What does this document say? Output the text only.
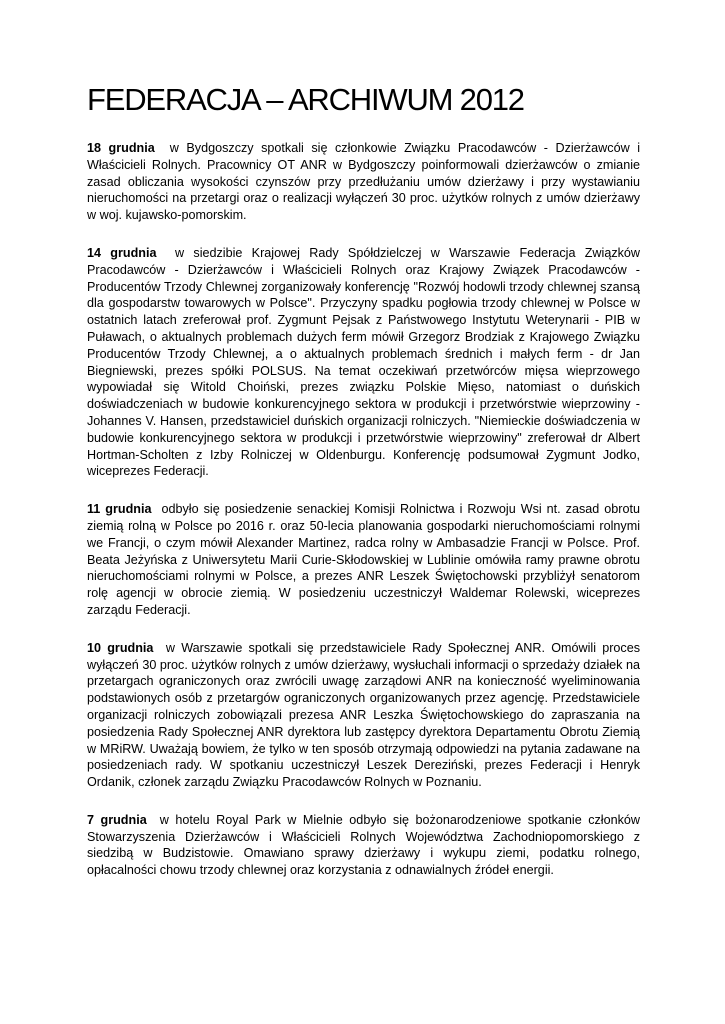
FEDERACJA – ARCHIWUM 2012

18 grudnia w Bydgoszczy spotkali się członkowie Związku Pracodawców - Dzierżawców i Właścicieli Rolnych. Pracownicy OT ANR w Bydgoszczy poinformowali dzierżawców o zmianie zasad obliczania wysokości czynszów przy przedłużaniu umów dzierżawy i przy wystawianiu nieruchomości na przetargi oraz o realizacji wyłączeń 30 proc. użytków rolnych z umów dzierżawy w woj. kujawsko-pomorskim.

14 grudnia w siedzibie Krajowej Rady Spółdzielczej w Warszawie Federacja Związków Pracodawców - Dzierżawców i Właścicieli Rolnych oraz Krajowy Związek Pracodawców - Producentów Trzody Chlewnej zorganizowały konferencję "Rozwój hodowli trzody chlewnej szansą dla gospodarstw towarowych w Polsce". Przyczyny spadku pogłowia trzody chlewnej w Polsce w ostatnich latach zreferował prof. Zygmunt Pejsak z Państwowego Instytutu Weterynarii - PIB w Puławach, o aktualnych problemach dużych ferm mówił Grzegorz Brodziak z Krajowego Związku Producentów Trzody Chlewnej, a o aktualnych problemach średnich i małych ferm - dr Jan Biegniewski, prezes spółki POLSUS. Na temat oczekiwań przetwórców mięsa wieprzowego wypowiadał się Witold Choiński, prezes związku Polskie Mięso, natomiast o duńskich doświadczeniach w budowie konkurencyjnego sektora w produkcji i przetwórstwie wieprzowiny - Johannes V. Hansen, przedstawiciel duńskich organizacji rolniczych. "Niemieckie doświadczenia w budowie konkurencyjnego sektora w produkcji i przetwórstwie wieprzowiny" zreferował dr Albert Hortman-Scholten z Izby Rolniczej w Oldenburgu. Konferencję podsumował Zygmunt Jodko, wiceprezes Federacji.

11 grudnia odbyło się posiedzenie senackiej Komisji Rolnictwa i Rozwoju Wsi nt. zasad obrotu ziemią rolną w Polsce po 2016 r. oraz 50-lecia planowania gospodarki nieruchomościami rolnymi we Francji, o czym mówił Alexander Martinez, radca rolny w Ambasadzie Francji w Polsce. Prof. Beata Jeżyńska z Uniwersytetu Marii Curie-Skłodowskiej w Lublinie omówiła ramy prawne obrotu nieruchomościami rolnymi w Polsce, a prezes ANR Leszek Świętochowski przybliżył senatorom rolę agencji w obrocie ziemią. W posiedzeniu uczestniczył Waldemar Rolewski, wiceprezes zarządu Federacji.

10 grudnia w Warszawie spotkali się przedstawiciele Rady Społecznej ANR. Omówili proces wyłączeń 30 proc. użytków rolnych z umów dzierżawy, wysłuchali informacji o sprzedaży działek na przetargach ograniczonych oraz zwrócili uwagę zarządowi ANR na konieczność wyeliminowania podstawionych osób z przetargów ograniczonych organizowanych przez agencję. Przedstawiciele organizacji rolniczych zobowiązali prezesa ANR Leszka Świętochowskiego do zapraszania na posiedzenia Rady Społecznej ANR dyrektora lub zastępcy dyrektora Departamentu Obrotu Ziemią w MRiRW. Uważają bowiem, że tylko w ten sposób otrzymają odpowiedzi na pytania zadawane na posiedzeniach rady. W spotkaniu uczestniczył Leszek Dereziński, prezes Federacji i Henryk Ordanik, członek zarządu Związku Pracodawców Rolnych w Poznaniu.

7 grudnia w hotelu Royal Park w Mielnie odbyło się bożonarodzeniowe spotkanie członków Stowarzyszenia Dzierżawców i Właścicieli Rolnych Województwa Zachodniopomorskiego z siedzibą w Budzistowie. Omawiano sprawy dzierżawy i wykupu ziemi, podatku rolnego, opłacalności chowu trzody chlewnej oraz korzystania z odnawialnych źródeł energii.
